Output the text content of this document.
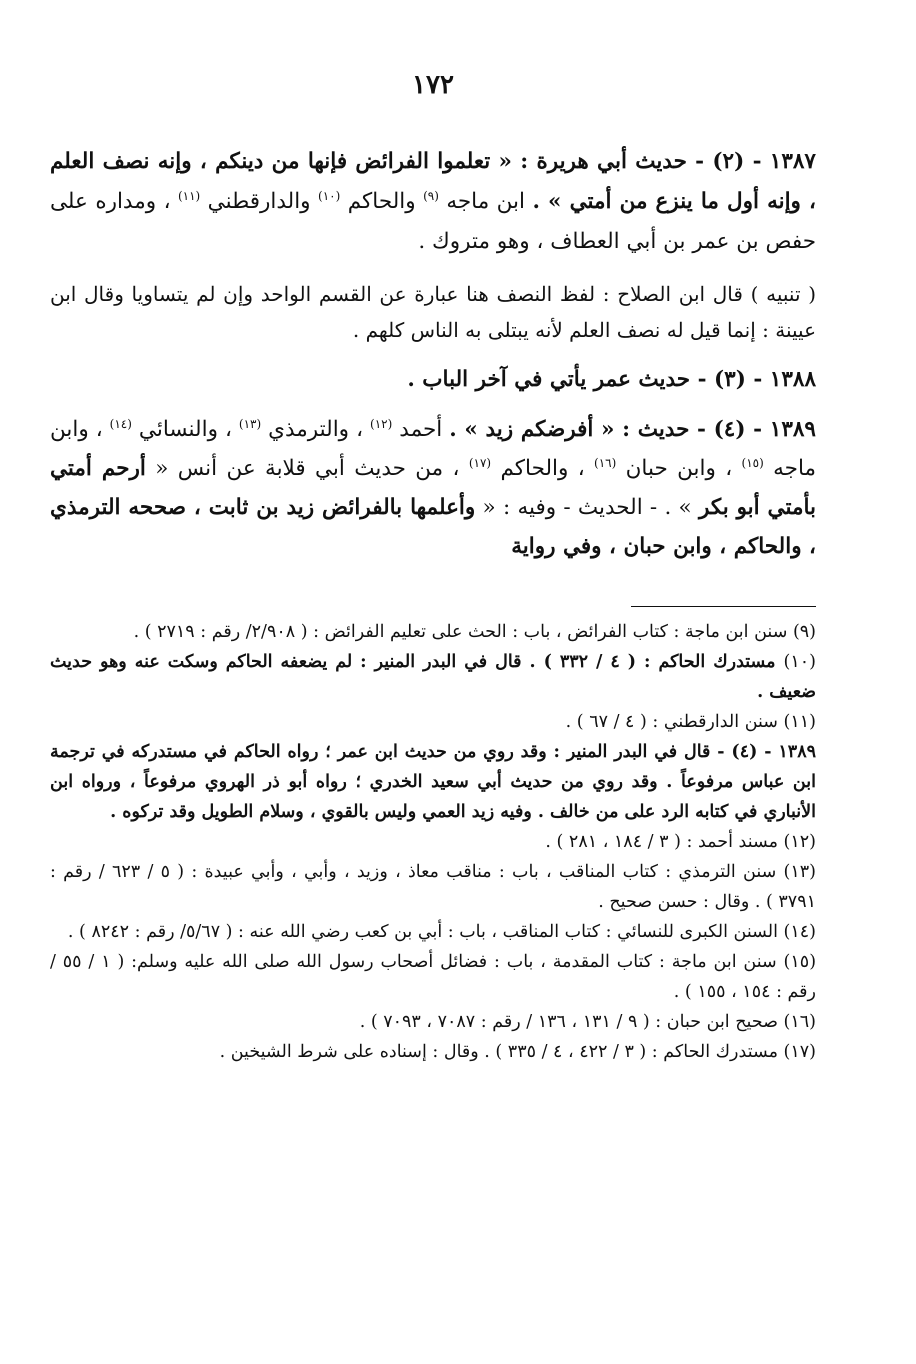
١٧٢

١٣٨٧ - (٢) - حديث أبي هريرة : « تعلموا الفرائض فإنها من دينكم ، وإنه نصف العلم ، وإنه أول ما ينزع من أمتي » . ابن ماجه $^{(٩)}$ والحاكم $^{(١٠)}$ والدارقطني $^{(١١)}$ ، ومداره على حفص بن عمر بن أبي العطاف ، وهو متروك .

( تنبيه ) قال ابن الصلاح : لفظ النصف هنا عبارة عن القسم الواحد وإن لم يتساويا وقال ابن عيينة : إنما قيل له نصف العلم لأنه يبتلى به الناس كلهم .

١٣٨٨ - (٣) - حديث عمر يأتي في آخر الباب .

١٣٨٩ - (٤) - حديث : « أفرضكم زيد » . أحمد $^{(١٢)}$ ، والترمذي $^{(١٣)}$ ، والنسائي $^{(١٤)}$ ، وابن ماجه $^{(١٥)}$ ، وابن حبان $^{(١٦)}$ ، والحاكم $^{(١٧)}$ ، من حديث أبي قلابة عن أنس « أرحم أمتي بأمتي أبو بكر » . - الحديث - وفيه : « وأعلمها بالفرائض زيد بن ثابت ، صححه الترمذي ، والحاكم ، وابن حبان ، وفي رواية

(٩) سنن ابن ماجة : كتاب الفرائض ، باب : الحث على تعليم الفرائض : ( ٢/٩٠٨/ رقم : ٢٧١٩ ) .

(١٠) مستدرك الحاكم : ( ٤ / ٣٣٢ ) . قال في البدر المنير : لم يضعفه الحاكم وسكت عنه وهو حديث ضعيف .

(١١) سنن الدارقطني : ( ٤ / ٦٧ ) .

١٣٨٩ - (٤) - قال في البدر المنير : وقد روي من حديث ابن عمر ؛ رواه الحاكم في مستدركه في ترجمة ابن عباس مرفوعاً . وقد روي من حديث أبي سعيد الخدري ؛ رواه أبو ذر الهروي مرفوعاً ، ورواه ابن الأنباري في كتابه الرد على من خالف . وفيه زيد العمي وليس بالقوي ، وسلام الطويل وقد تركوه .

(١٢) مسند أحمد : ( ٣ / ١٨٤ ، ٢٨١ ) .

(١٣) سنن الترمذي : كتاب المناقب ، باب : مناقب معاذ ، وزيد ، وأبي ، وأبي عبيدة : ( ٥ / ٦٢٣ / رقم : ٣٧٩١ ) . وقال : حسن صحيح .

(١٤) السنن الكبرى للنسائي : كتاب المناقب ، باب : أبي بن كعب رضي الله عنه : ( ٥/٦٧/ رقم : ٨٢٤٢ ) .

(١٥) سنن ابن ماجة : كتاب المقدمة ، باب : فضائل أصحاب رسول الله صلى الله عليه وسلم: ( ١ / ٥٥ / رقم : ١٥٤ ، ١٥٥ ) .

(١٦) صحيح ابن حبان : ( ٩ / ١٣١ ، ١٣٦ / رقم : ٧٠٨٧ ، ٧٠٩٣ ) .

(١٧) مستدرك الحاكم : ( ٣ / ٤٢٢ ، ٤ / ٣٣٥ ) . وقال : إسناده على شرط الشيخين .
